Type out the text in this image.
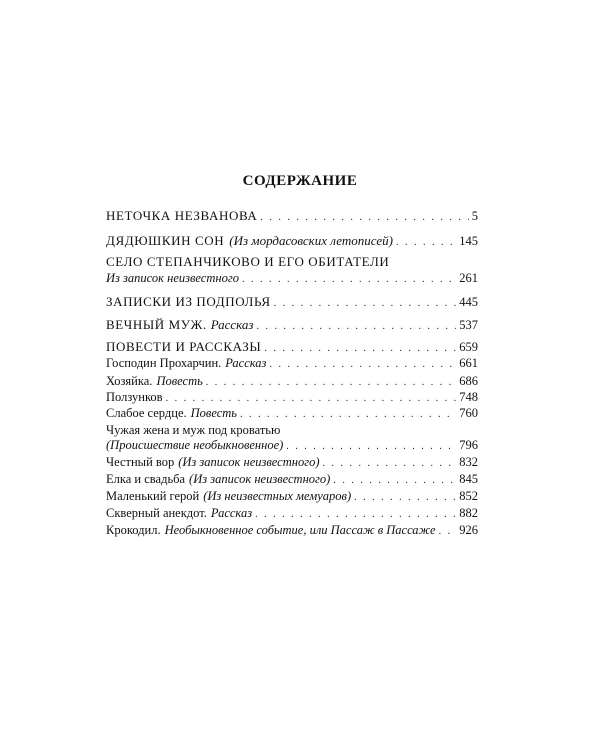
СОДЕРЖАНИЕ
НЕТОЧКА НЕЗВАНОВА . . .	5
ДЯДЮШКИН СОН (Из мордасовских летописей) . . .	145
СЕЛО СТЕПАНЧИКОВО И ЕГО ОБИТАТЕЛИ
Из записок неизвестного . . .	261
ЗАПИСКИ ИЗ ПОДПОЛЬЯ . . .	445
ВЕЧНЫЙ МУЖ. Рассказ . . .	537
ПОВЕСТИ И РАССКАЗЫ . . .	659
Господин Прохарчин. Рассказ . . .	661
Хозяйка. Повесть . . .	686
Ползунков . . .	748
Слабое сердце. Повесть . . .	760
Чужая жена и муж под кроватью
(Происшествие необыкновенное) . . .	796
Честный вор (Из записок неизвестного) . . .	832
Елка и свадьба (Из записок неизвестного) . . .	845
Маленький герой (Из неизвестных мемуаров) . . .	852
Скверный анекдот. Рассказ . . .	882
Крокодил. Необыкновенное событие, или Пассаж в Пассаже . . . 926
